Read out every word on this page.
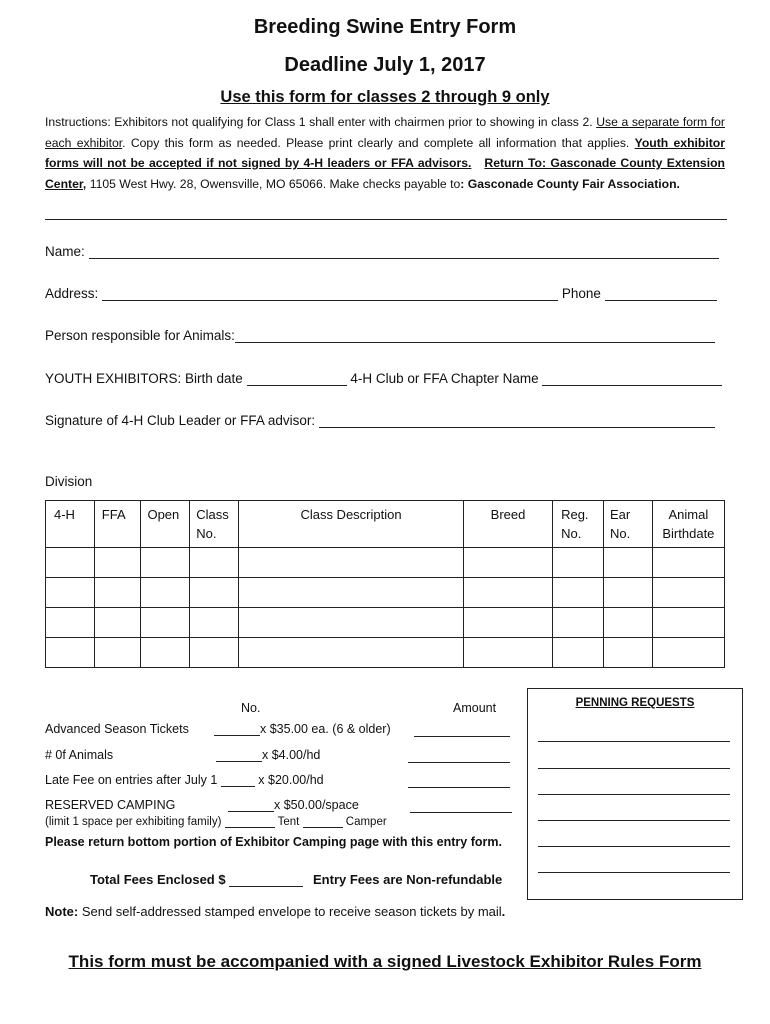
Breeding Swine Entry Form
Deadline July 1, 2017
Use this form for classes 2 through 9 only
Instructions: Exhibitors not qualifying for Class 1 shall enter with chairmen prior to showing in class 2. Use a separate form for each exhibitor. Copy this form as needed. Please print clearly and complete all information that applies. Youth exhibitor forms will not be accepted if not signed by 4-H leaders or FFA advisors. Return To: Gasconade County Extension Center, 1105 West Hwy. 28, Owensville, MO 65066. Make checks payable to: Gasconade County Fair Association.
Name:
Address:	Phone
Person responsible for Animals:
YOUTH EXHIBITORS: Birth date	4-H Club or FFA Chapter Name
Signature of 4-H Club Leader or FFA advisor:
Division
4-H	FFA	Open	Class No.	Class Description	Breed	Reg. No.	Ear No.	Animal Birthdate

No.	Amount
Advanced Season Tickets	x $35.00 ea. (6 & older)
# 0f Animals	x $4.00/hd
Late Fee on entries after July 1	x $20.00/hd
RESERVED CAMPING	x $50.00/space
(limit 1 space per exhibiting family)	Tent	Camper
Please return bottom portion of Exhibitor Camping page with this entry form.
Total Fees Enclosed $	Entry Fees are Non-refundable
Note: Send self-addressed stamped envelope to receive season tickets by mail.
PENNING REQUESTS
This form must be accompanied with a signed Livestock Exhibitor Rules Form
